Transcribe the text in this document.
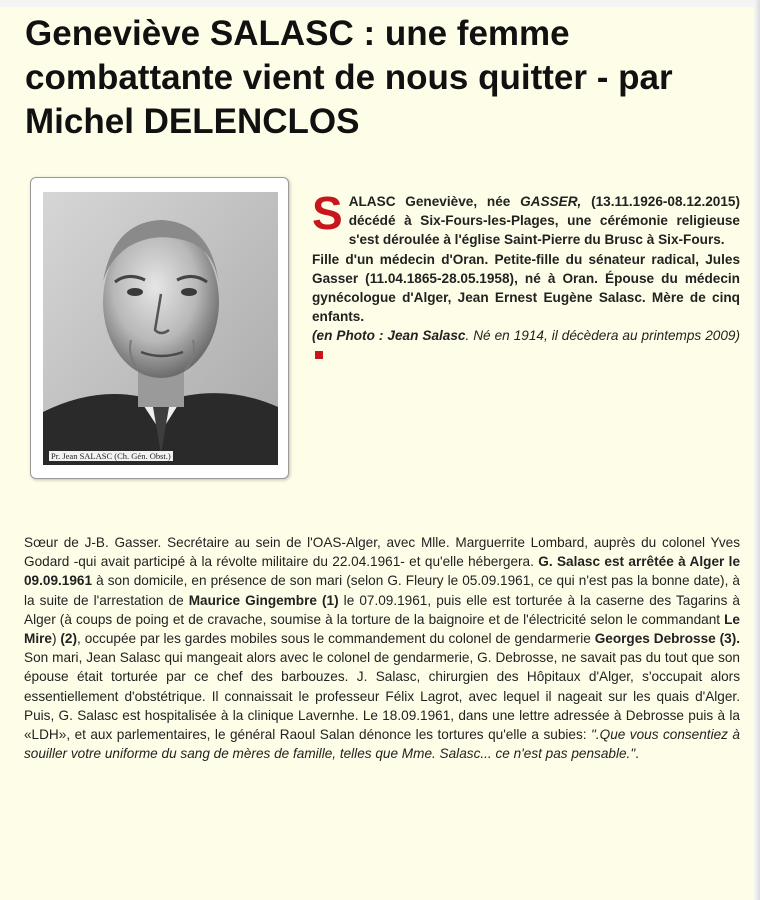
Geneviève SALASC : une femme combattante vient de nous quitter - par Michel DELENCLOS
Pr. Jean SALASC (Ch. Gén. Obst.)

SALASC Geneviève, née GASSER, (13.11.1926-08.12.2015) décédé à Six-Fours-les-Plages, une cérémonie religieuse s'est déroulée à l'église Saint-Pierre du Brusc à Six-Fours.

Fille d'un médecin d'Oran. Petite-fille du sénateur radical, Jules Gasser (11.04.1865-28.05.1958), né à Oran. Épouse du médecin gynécologue d'Alger, Jean Ernest Eugène Salasc. Mère de cinq enfants.

(en Photo : Jean Salasc. Né en 1914, il décèdera au printemps 2009)

Sœur de J-B. Gasser. Secrétaire au sein de l'OAS-Alger, avec Mlle. Marguerrite Lombard, auprès du colonel Yves Godard -qui avait participé à la révolte militaire du 22.04.1961- et qu'elle hébergera. G. Salasc est arrêtée à Alger le 09.09.1961 à son domicile, en présence de son mari (selon G. Fleury le 05.09.1961, ce qui n'est pas la bonne date), à la suite de l'arrestation de Maurice Gingembre (1) le 07.09.1961, puis elle est torturée à la caserne des Tagarins à Alger (à coups de poing et de cravache, soumise à la torture de la baignoire et de l'électricité selon le commandant Le Mire) (2), occupée par les gardes mobiles sous le commandement du colonel de gendarmerie Georges Debrosse (3). Son mari, Jean Salasc qui mangeait alors avec le colonel de gendarmerie, G. Debrosse, ne savait pas du tout que son épouse était torturée par ce chef des barbouzes. J. Salasc, chirurgien des Hôpitaux d'Alger, s'occupait alors essentiellement d'obstétrique. Il connaissait le professeur Félix Lagrot, avec lequel il nageait sur les quais d'Alger. Puis, G. Salasc est hospitalisée à la clinique Lavernhe. Le 18.09.1961, dans une lettre adressée à Debrosse puis à la «LDH», et aux parlementaires, le général Raoul Salan dénonce les tortures qu'elle a subies: ".Que vous consentiez à souiller votre uniforme du sang de mères de famille, telles que Mme. Salasc... ce n'est pas pensable.".
